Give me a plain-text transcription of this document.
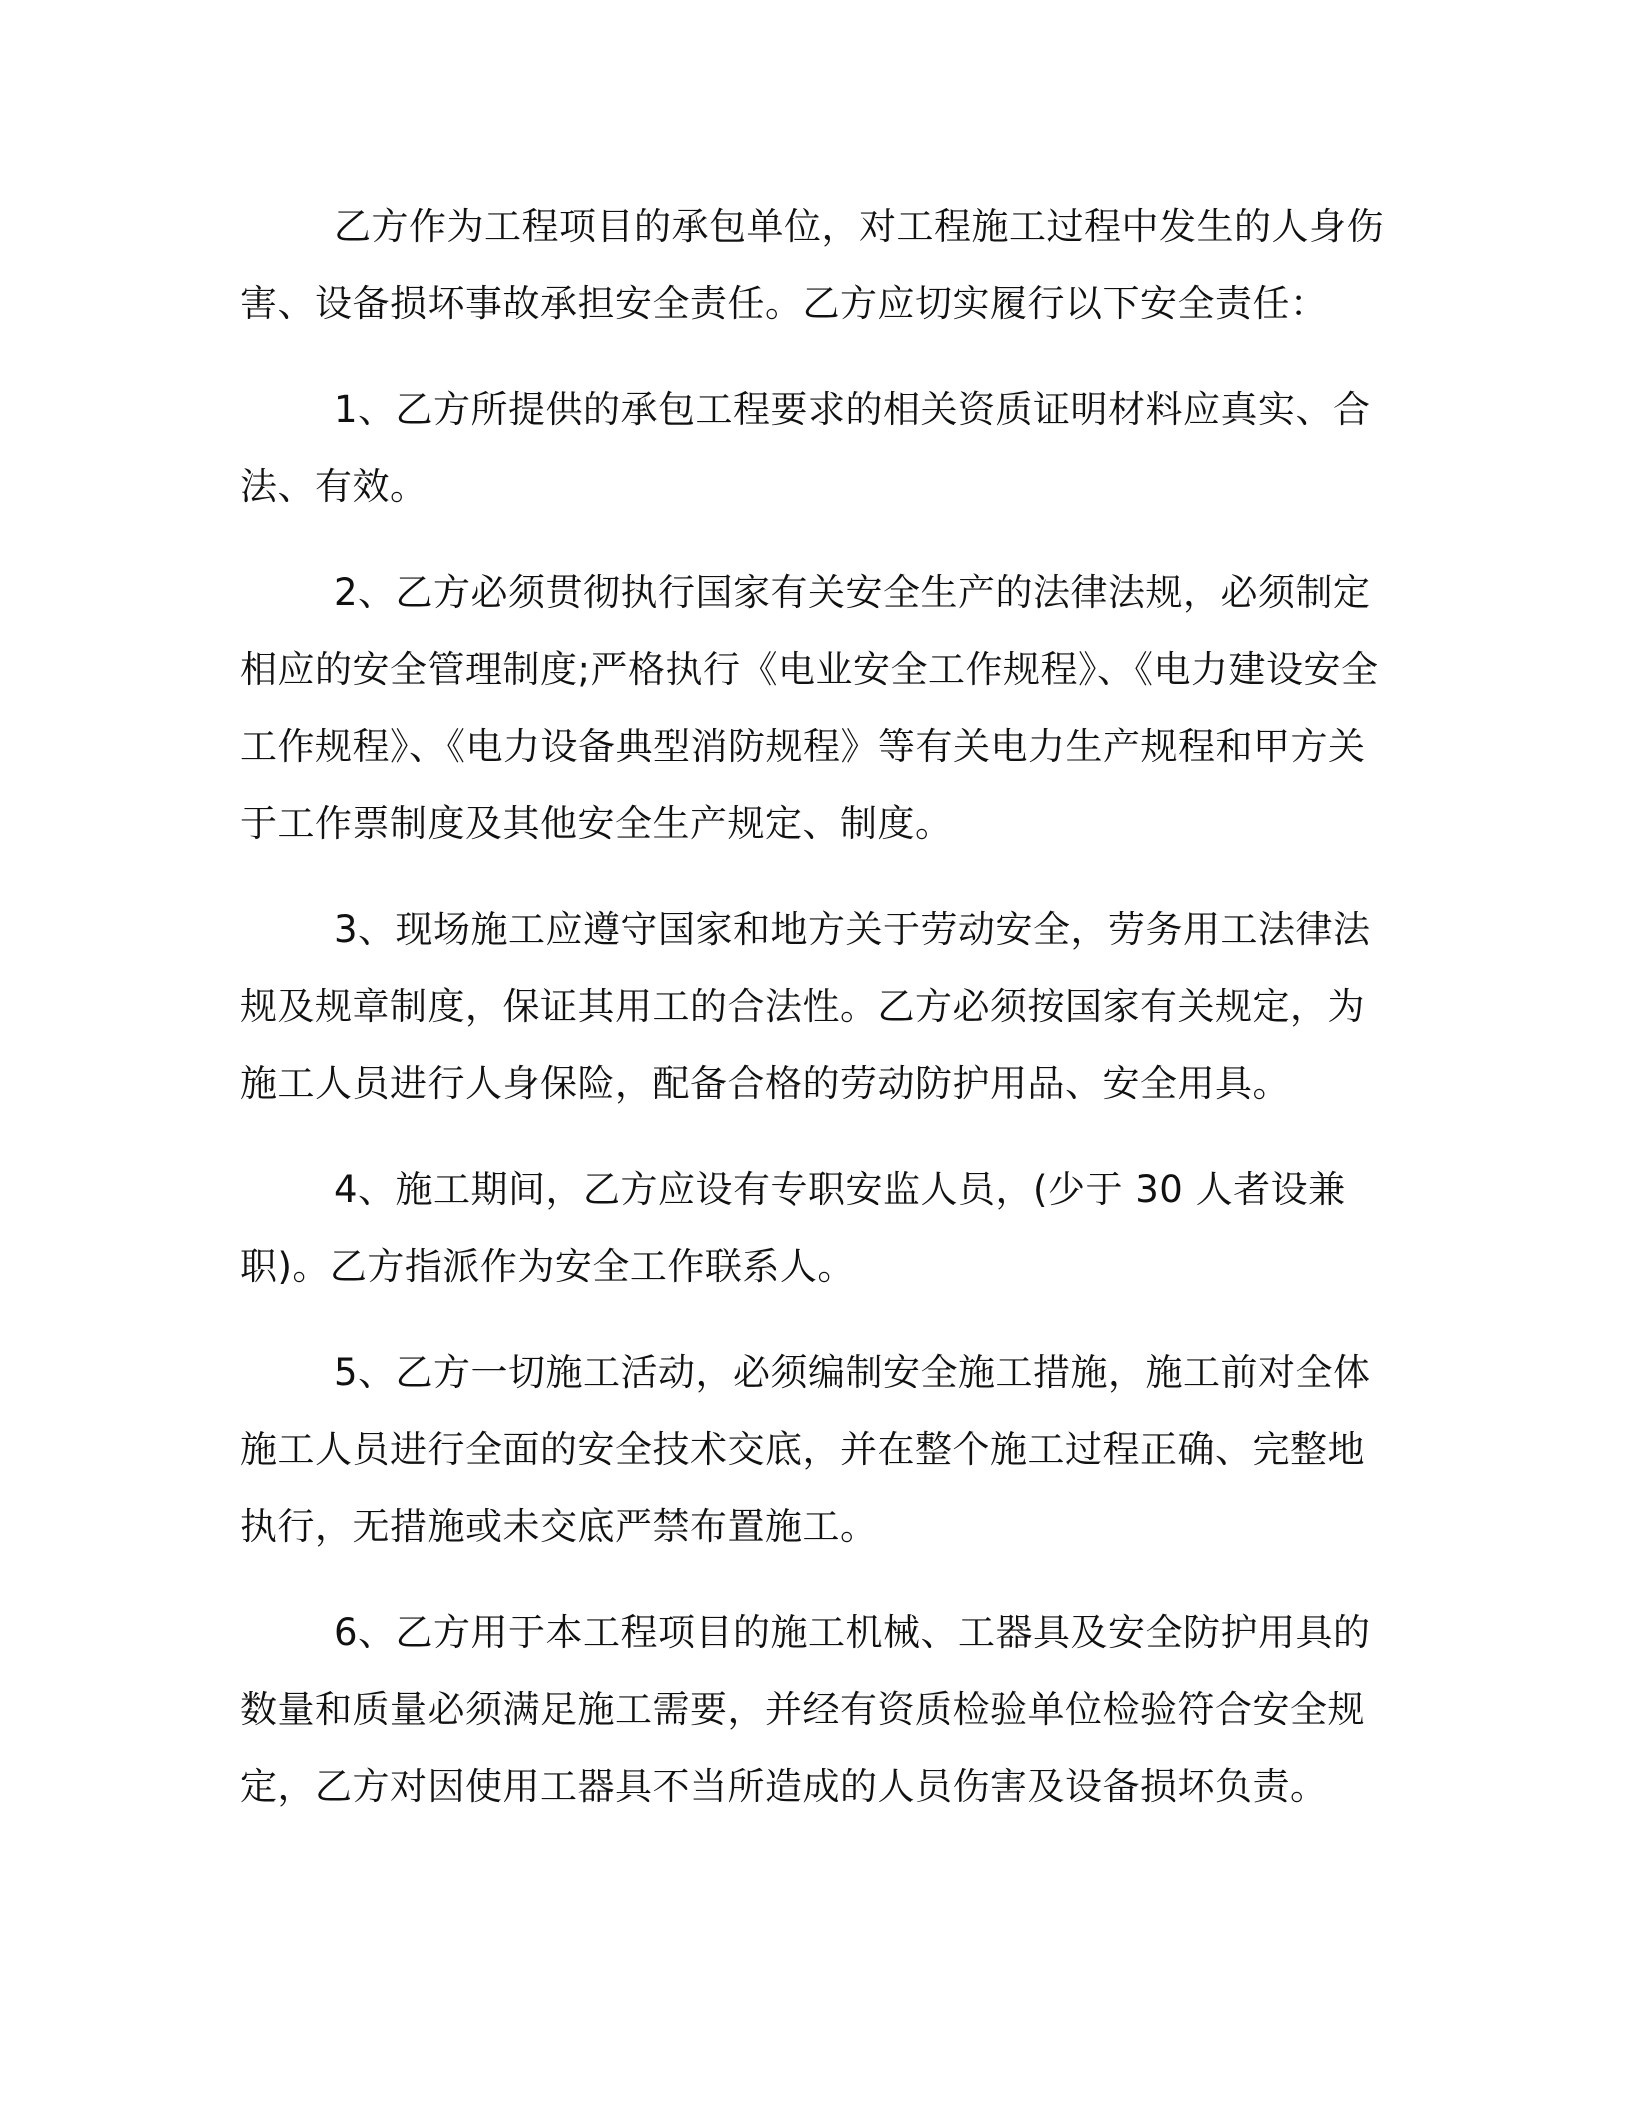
乙方作为工程项目的承包单位，对工程施工过程中发生的人身伤害、设备损坏事故承担安全责任。乙方应切实履行以下安全责任：

1、乙方所提供的承包工程要求的相关资质证明材料应真实、合法、有效。

2、乙方必须贯彻执行国家有关安全生产的法律法规，必须制定相应的安全管理制度;严格执行《电业安全工作规程》、《电力建设安全工作规程》、《电力设备典型消防规程》等有关电力生产规程和甲方关于工作票制度及其他安全生产规定、制度。

3、现场施工应遵守国家和地方关于劳动安全，劳务用工法律法规及规章制度，保证其用工的合法性。乙方必须按国家有关规定，为施工人员进行人身保险，配备合格的劳动防护用品、安全用具。

4、施工期间，乙方应设有专职安监人员，(少于 30 人者设兼职)。乙方指派作为安全工作联系人。

5、乙方一切施工活动，必须编制安全施工措施，施工前对全体施工人员进行全面的安全技术交底，并在整个施工过程正确、完整地执行，无措施或未交底严禁布置施工。

6、乙方用于本工程项目的施工机械、工器具及安全防护用具的数量和质量必须满足施工需要，并经有资质检验单位检验符合安全规定，乙方对因使用工器具不当所造成的人员伤害及设备损坏负责。
